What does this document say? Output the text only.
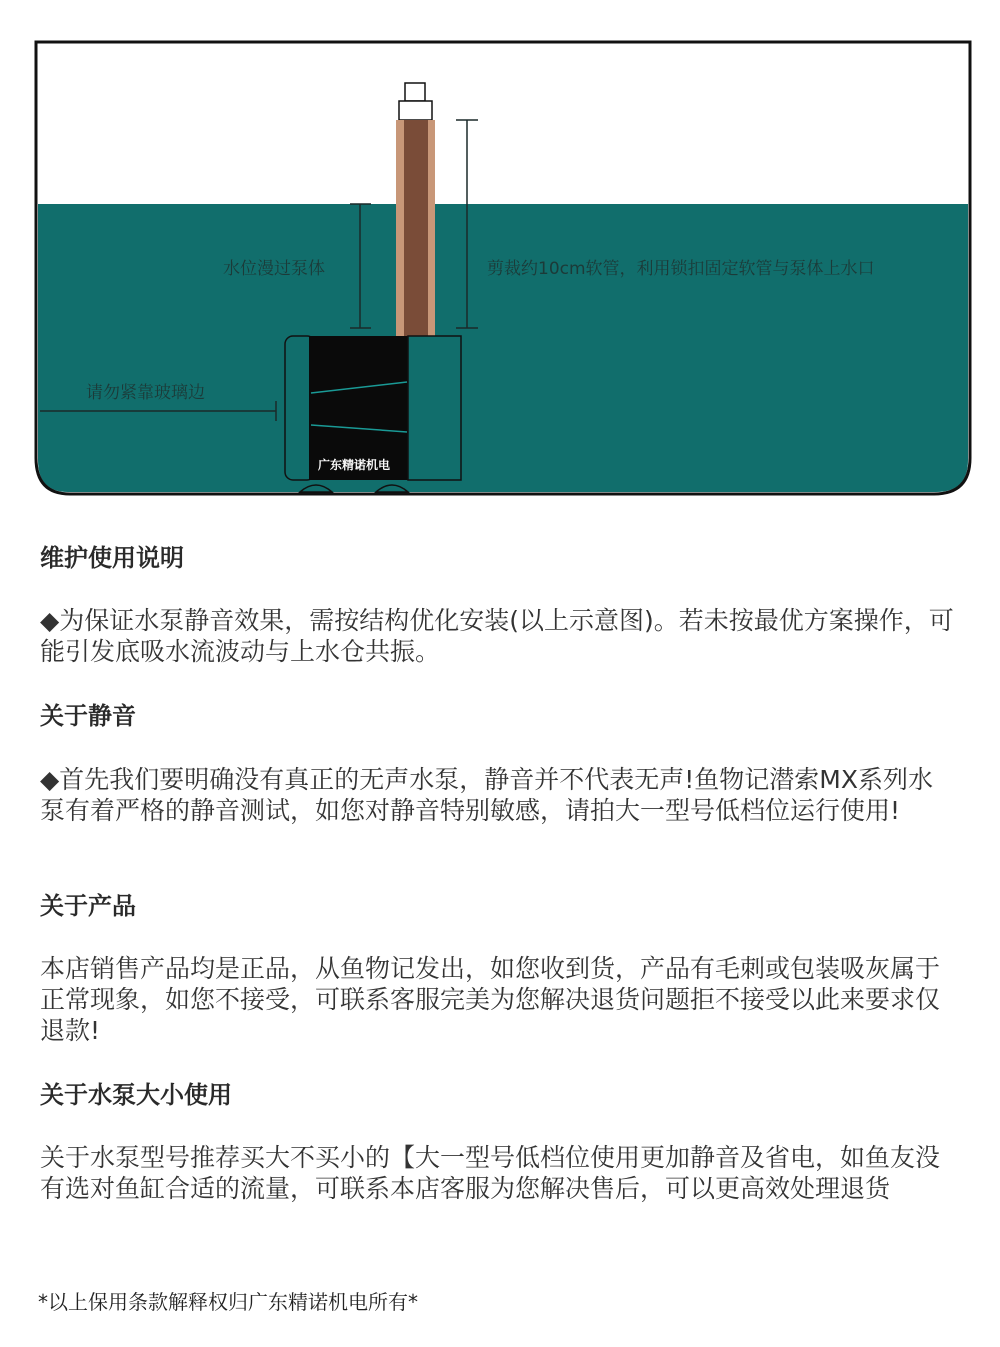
水位漫过泵体	剪裁约10cm软管，利用锁扣固定软管与泵体上水口
请勿紧靠玻璃边
广东精诺机电
维护使用说明

◆为保证水泵静音效果，需按结构优化安装(以上示意图)。若未按最优方案操作，可能引发底吸水流波动与上水仓共振。

关于静音

◆首先我们要明确没有真正的无声水泵，静音并不代表无声!鱼物记潜索MX系列水泵有着严格的静音测试，如您对静音特别敏感，请拍大一型号低档位运行使用!

关于产品

本店销售产品均是正品，从鱼物记发出，如您收到货，产品有毛刺或包装吸灰属于正常现象，如您不接受，可联系客服完美为您解决退货问题拒不接受以此来要求仅退款!

关于水泵大小使用

关于水泵型号推荐买大不买小的【大一型号低档位使用更加静音及省电，如鱼友没有选对鱼缸合适的流量，可联系本店客服为您解决售后，可以更高效处理退货

*以上保用条款解释权归广东精诺机电所有*
